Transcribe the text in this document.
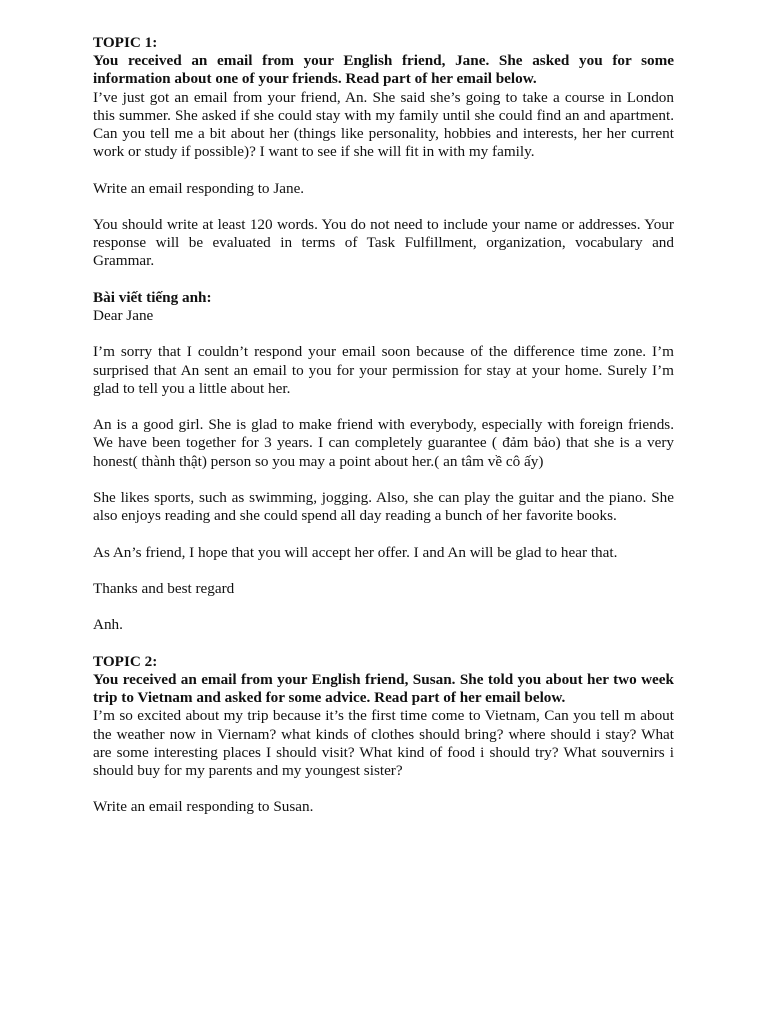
TOPIC 1:

You received an email from your English friend, Jane. She asked you for some information about one of your friends. Read part of her email below.

I’ve just got an email from your friend, An. She said she’s going to take a course in London this summer. She asked if she could stay with my family until she could find an and apartment. Can you tell me a bit about her (things like personality, hobbies and interests, her her current work or study if possible)? I want to see if she will fit in with my family.

Write an email responding to Jane.

You should write at least 120 words. You do not need to include your name or addresses. Your response will be evaluated in terms of Task Fulfillment, organization, vocabulary and Grammar.

Bài viết tiếng anh:

Dear Jane

I’m sorry that I couldn’t respond your email soon because of the difference time zone. I’m surprised that An sent an email to you for your permission for stay at your home. Surely I’m glad to tell you a little about her.

An is a good girl. She is glad to make friend with everybody, especially with foreign friends. We have been together for 3 years. I can completely guarantee ( đảm bảo) that she is a very honest( thành thật) person so you may a point about her.( an tâm về cô ấy)

She likes sports, such as swimming, jogging. Also, she can play the guitar and the piano. She also enjoys reading and she could spend all day reading a bunch of her favorite books.

As An’s friend, I hope that you will accept her offer. I and An will be glad to hear that.

Thanks and best regard

Anh.

TOPIC 2:

You received an email from your English friend, Susan. She told you about her two week trip to Vietnam and asked for some advice. Read part of her email below.

I’m so excited about my trip because it’s the first time come to Vietnam, Can you tell m about the weather now in Viernam? what kinds of clothes should bring? where should i stay? What are some interesting places I should visit? What kind of food i should try? What souvernirs i should buy for my parents and my youngest sister?

Write an email responding to Susan.
